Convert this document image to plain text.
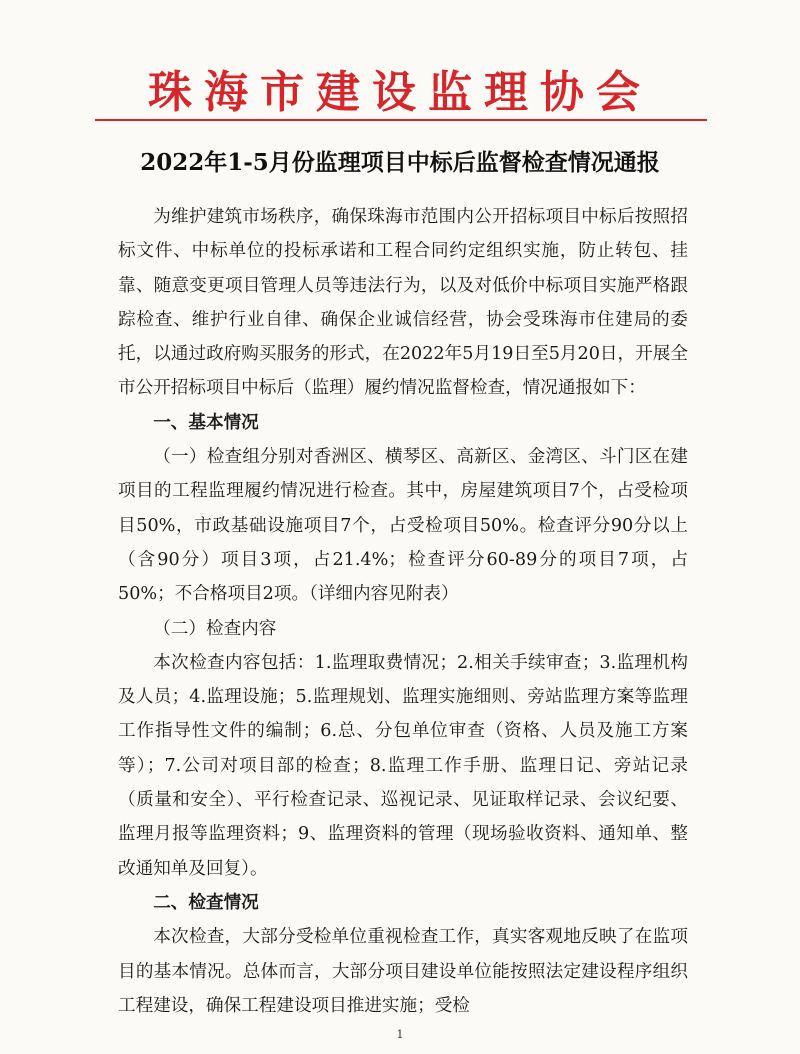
珠海市建设监理协会
2022年1-5月份监理项目中标后监督检查情况通报

为维护建筑市场秩序，确保珠海市范围内公开招标项目中标后按照招标文件、中标单位的投标承诺和工程合同约定组织实施，防止转包、挂靠、随意变更项目管理人员等违法行为，以及对低价中标项目实施严格跟踪检查、维护行业自律、确保企业诚信经营，协会受珠海市住建局的委托，以通过政府购买服务的形式，在2022年5月19日至5月20日，开展全市公开招标项目中标后（监理）履约情况监督检查，情况通报如下：

一、基本情况

（一）检查组分别对香洲区、横琴区、高新区、金湾区、斗门区在建项目的工程监理履约情况进行检查。其中，房屋建筑项目7个，占受检项目50%，市政基础设施项目7个，占受检项目50%。检查评分90分以上（含90分）项目3项，占21.4%；检查评分60-89分的项目7项，占50%；不合格项目2项。（详细内容见附表）

（二）检查内容

本次检查内容包括：1.监理取费情况；2.相关手续审查；3.监理机构及人员；4.监理设施；5.监理规划、监理实施细则、旁站监理方案等监理工作指导性文件的编制；6.总、分包单位审查（资格、人员及施工方案等）；7.公司对项目部的检查；8.监理工作手册、监理日记、旁站记录（质量和安全）、平行检查记录、巡视记录、见证取样记录、会议纪要、监理月报等监理资料；9、监理资料的管理（现场验收资料、通知单、整改通知单及回复）。

二、检查情况

本次检查，大部分受检单位重视检查工作，真实客观地反映了在监项目的基本情况。总体而言，大部分项目建设单位能按照法定建设程序组织工程建设，确保工程建设项目推进实施；受检

1
